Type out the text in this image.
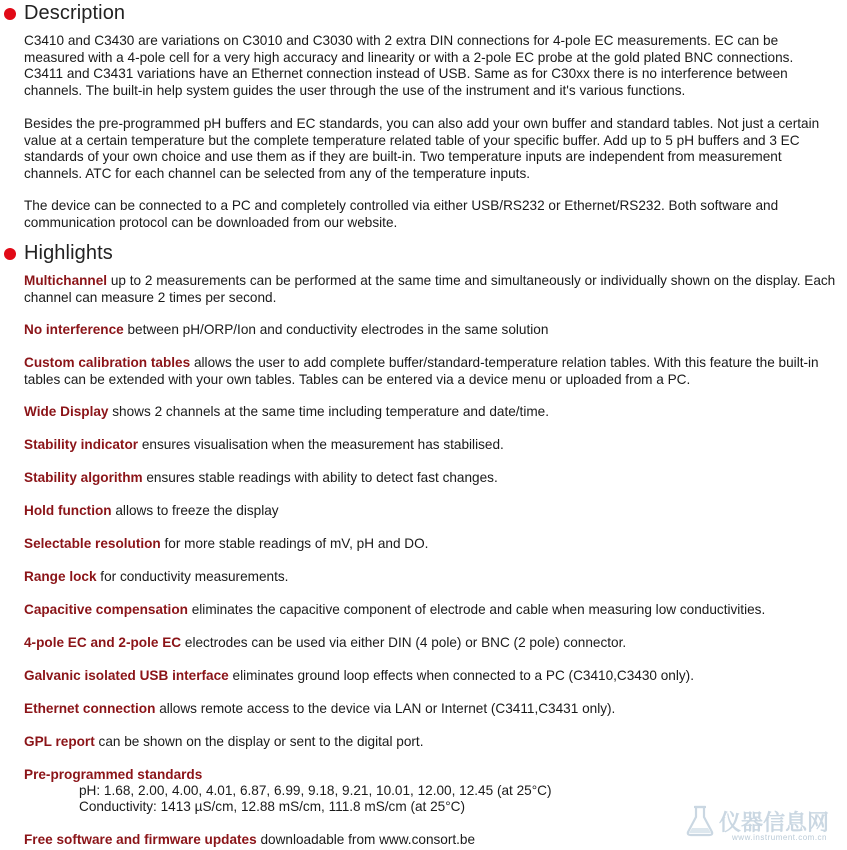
Description

C3410 and C3430 are variations on C3010 and C3030 with 2 extra DIN connections for 4-pole EC measurements. EC can be measured with a 4-pole cell for a very high accuracy and linearity or with a 2-pole EC probe at the gold plated BNC connections. C3411 and C3431 variations have an Ethernet connection instead of USB. Same as for C30xx there is no interference between channels. The built-in help system guides the user through the use of the instrument and it's various functions.

Besides the pre-programmed pH buffers and EC standards, you can also add your own buffer and standard tables. Not just a certain value at a certain temperature but the complete temperature related table of your specific buffer. Add up to 5 pH buffers and 3 EC standards of your own choice and use them as if they are built-in. Two temperature inputs are independent from measurement channels. ATC for each channel can be selected from any of the temperature inputs.

The device can be connected to a PC and completely controlled via either USB/RS232 or Ethernet/RS232. Both software and communication protocol can be downloaded from our website.

Highlights

Multichannel up to 2 measurements can be performed at the same time and simultaneously or individually shown on the display. Each channel can measure 2 times per second.

No interference between pH/ORP/Ion and conductivity electrodes in the same solution

Custom calibration tables allows the user to add complete buffer/standard-temperature relation tables. With this feature the built-in tables can be extended with your own tables. Tables can be entered via a device menu or uploaded from a PC.

Wide Display shows 2 channels at the same time including temperature and date/time.

Stability indicator ensures visualisation when the measurement has stabilised.

Stability algorithm ensures stable readings with ability to detect fast changes.

Hold function allows to freeze the display

Selectable resolution for more stable readings of mV, pH and DO.

Range lock for conductivity measurements.

Capacitive compensation eliminates the capacitive component of electrode and cable when measuring low conductivities.

4-pole EC and 2-pole EC electrodes can be used via either DIN (4 pole) or BNC (2 pole) connector.

Galvanic isolated USB interface eliminates ground loop effects when connected to a PC (C3410,C3430 only).

Ethernet connection allows remote access to the device via LAN or Internet (C3411,C3431 only).

GPL report can be shown on the display or sent to the digital port.

Pre-programmed standards

pH: 1.68, 2.00, 4.00, 4.01, 6.87, 6.99, 9.18, 9.21, 10.01, 12.00, 12.45 (at 25°C)

Conductivity: 1413 µS/cm, 12.88 mS/cm, 111.8 mS/cm (at 25°C)

Free software and firmware updates downloadable from www.consort.be

仪器信息网
www.instrument.com.cn
